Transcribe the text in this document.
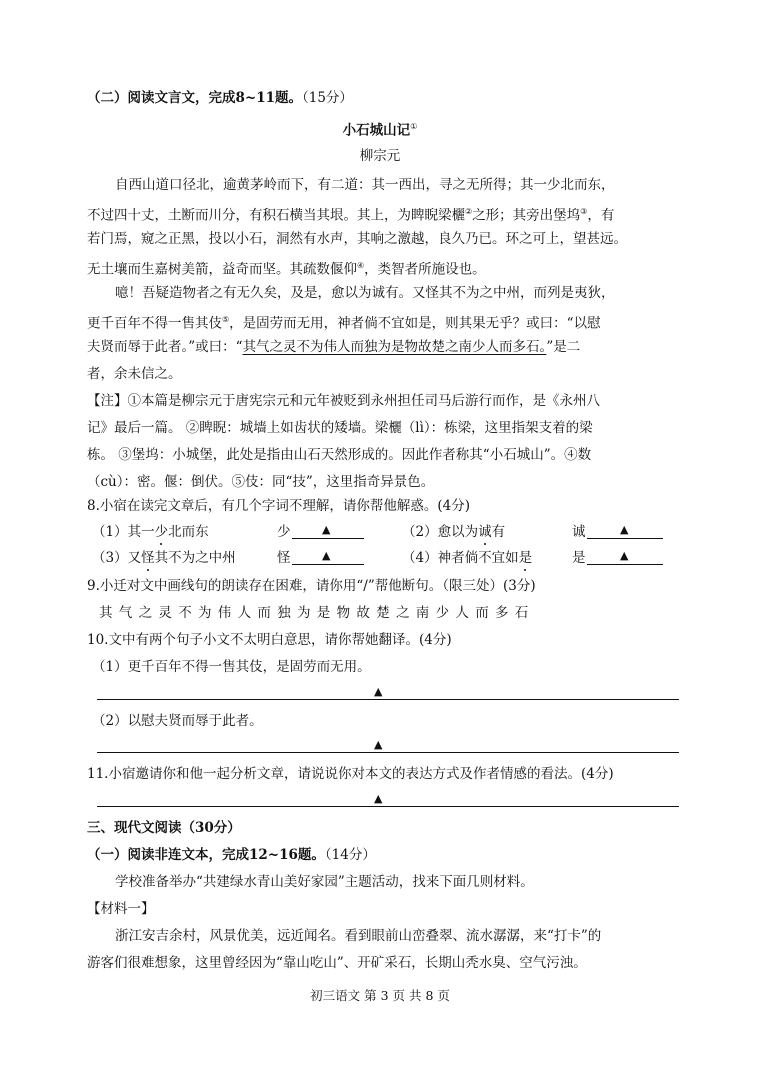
（二）阅读文言文，完成8~11题。（15分）
小石城山记①
柳宗元
自西山道口径北，逾黄茅岭而下，有二道：其一西出，寻之无所得；其一少北而东，
不过四十丈，土断而川分，有积石横当其垠。其上，为睥睨梁欐②之形；其旁出堡坞③，有
若门焉，窥之正黑，投以小石，洞然有水声，其响之激越，良久乃已。环之可上，望甚远。
无土壤而生嘉树美箭，益奇而坚。其疏数偃仰④，类智者所施设也。
噫！吾疑造物者之有无久矣，及是，愈以为诚有。又怪其不为之中州，而列是夷狄，
更千百年不得一售其伎⑤，是固劳而无用，神者倘不宜如是，则其果无乎？或曰：“以慰
夫贤而辱于此者。”或曰：“其气之灵不为伟人而独为是物故楚之南少人而多石。”是二
者，余未信之。
【注】①本篇是柳宗元于唐宪宗元和元年被贬到永州担任司马后游行而作，是《永州八
记》最后一篇。 ②睥睨：城墙上如齿状的矮墙。梁欐（lì）：栋梁，这里指架支着的梁
栋。 ③堡坞：小城堡，此处是指由山石天然形成的。因此作者称其“小石城山”。④数
（cù）：密。偃：倒伏。⑤伎：同“技”，这里指奇异景色。
8.小宿在读完文章后，有几个字词不理解，请你帮他解惑。(4分)
（1）其一少北而东	少	▲	（2）愈以为诚有	诚	▲
（3）又怪其不为之中州	怪	▲	（4）神者倘不宜如是	是	▲
9.小迁对文中画线句的朗读存在困难，请你用“/”帮他断句。（限三处）(3分)
其气之灵不为伟人而独为是物故楚之南少人而多石
10.文中有两个句子小文不太明白意思，请你帮她翻译。(4分)
（1）更千百年不得一售其伎，是固劳而无用。
▲
（2）以慰夫贤而辱于此者。
▲
11.小宿邀请你和他一起分析文章，请说说你对本文的表达方式及作者情感的看法。(4分)
▲
三、现代文阅读（30分）
（一）阅读非连文本，完成12~16题。（14分）
学校准备举办“共建绿水青山美好家园”主题活动，找来下面几则材料。
【材料一】
浙江安吉余村，风景优美，远近闻名。看到眼前山峦叠翠、流水潺潺，来“打卡”的
游客们很难想象，这里曾经因为“靠山吃山”、开矿采石，长期山秃水臭、空气污浊。
初三语文 第 3 页 共 8 页
